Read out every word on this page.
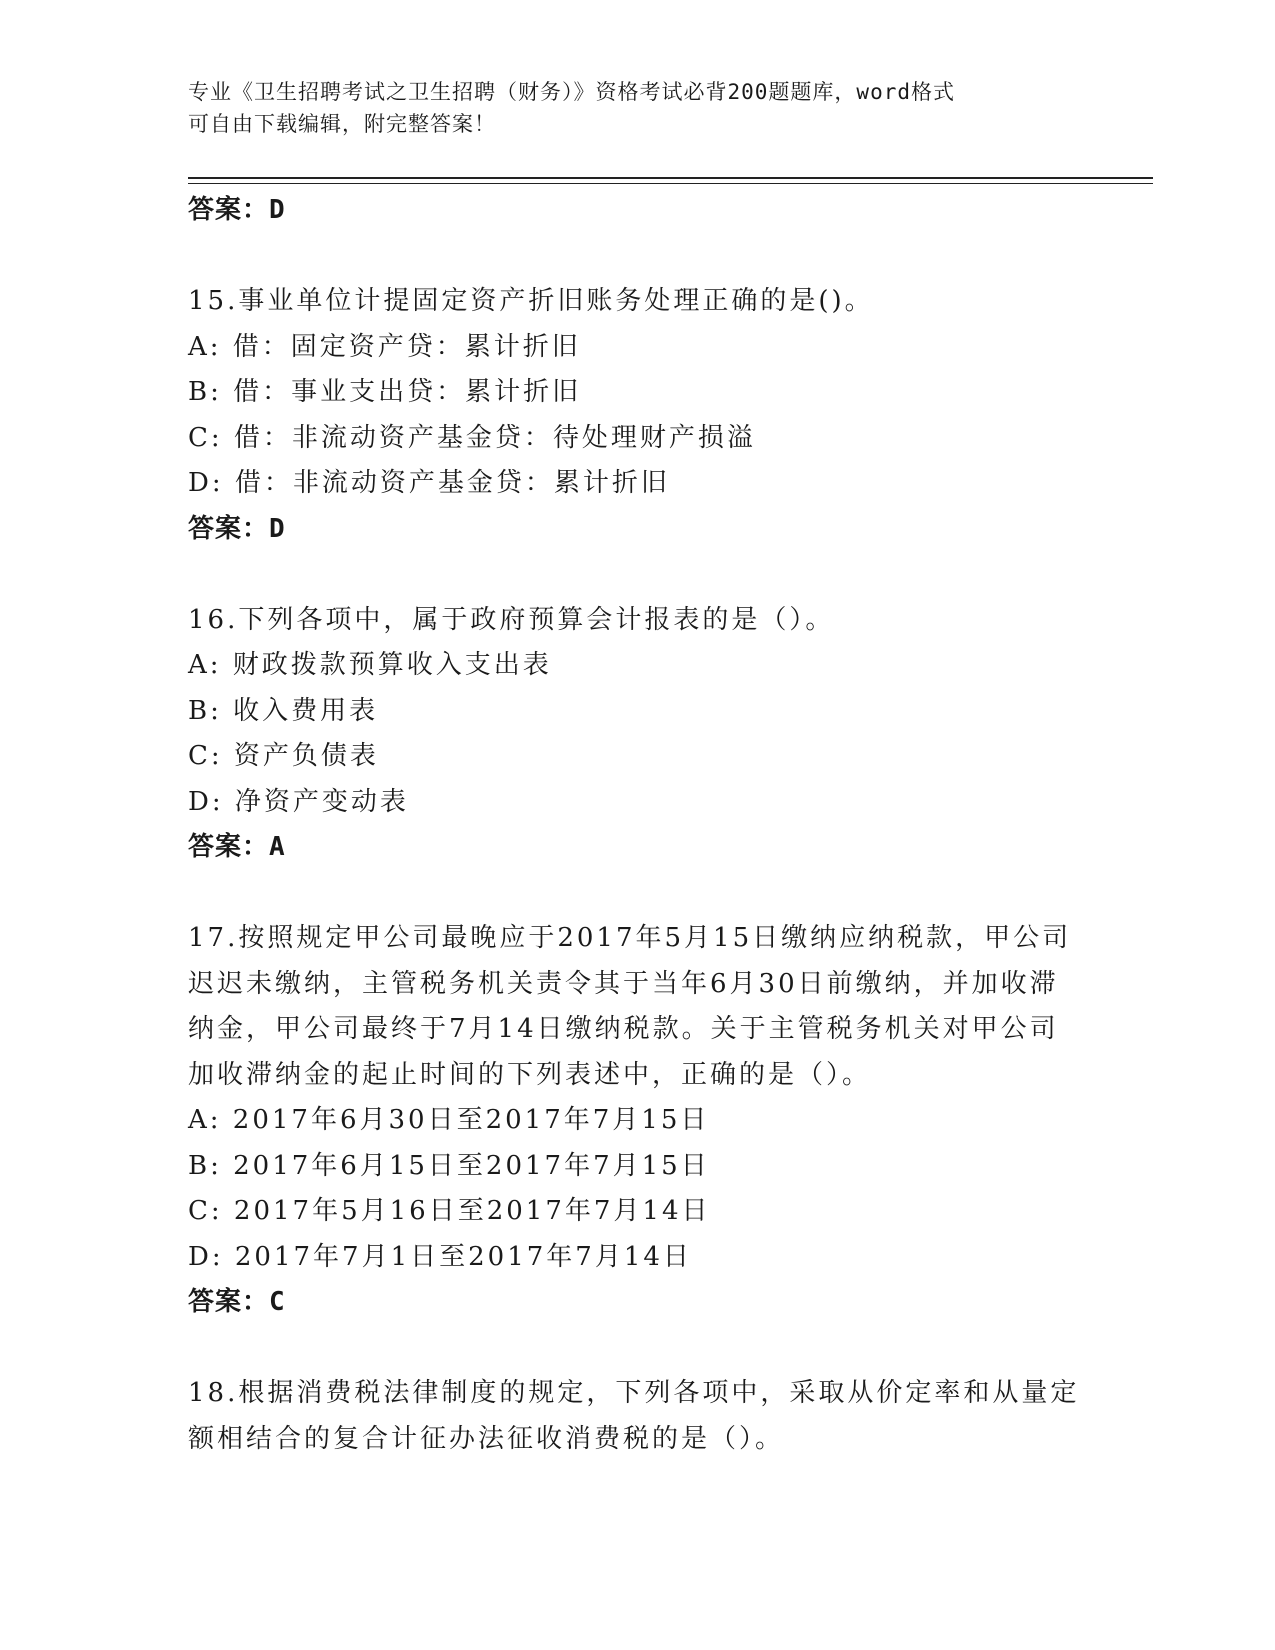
专业《卫生招聘考试之卫生招聘（财务）》资格考试必背200题题库，word格式
可自由下载编辑，附完整答案！
答案：D
15.事业单位计提固定资产折旧账务处理正确的是()。
A: 借：固定资产贷：累计折旧
B: 借：事业支出贷：累计折旧
C: 借：非流动资产基金贷：待处理财产损溢
D: 借：非流动资产基金贷：累计折旧
答案：D
16.下列各项中，属于政府预算会计报表的是（）。
A: 财政拨款预算收入支出表
B: 收入费用表
C: 资产负债表
D: 净资产变动表
答案：A
17.按照规定甲公司最晚应于2017年5月15日缴纳应纳税款，甲公司
迟迟未缴纳，主管税务机关责令其于当年6月30日前缴纳，并加收滞
纳金，甲公司最终于7月14日缴纳税款。关于主管税务机关对甲公司
加收滞纳金的起止时间的下列表述中，正确的是（）。
A: 2017年6月30日至2017年7月15日
B: 2017年6月15日至2017年7月15日
C: 2017年5月16日至2017年7月14日
D: 2017年7月1日至2017年7月14日
答案：C
18.根据消费税法律制度的规定，下列各项中，采取从价定率和从量定
额相结合的复合计征办法征收消费税的是（）。
